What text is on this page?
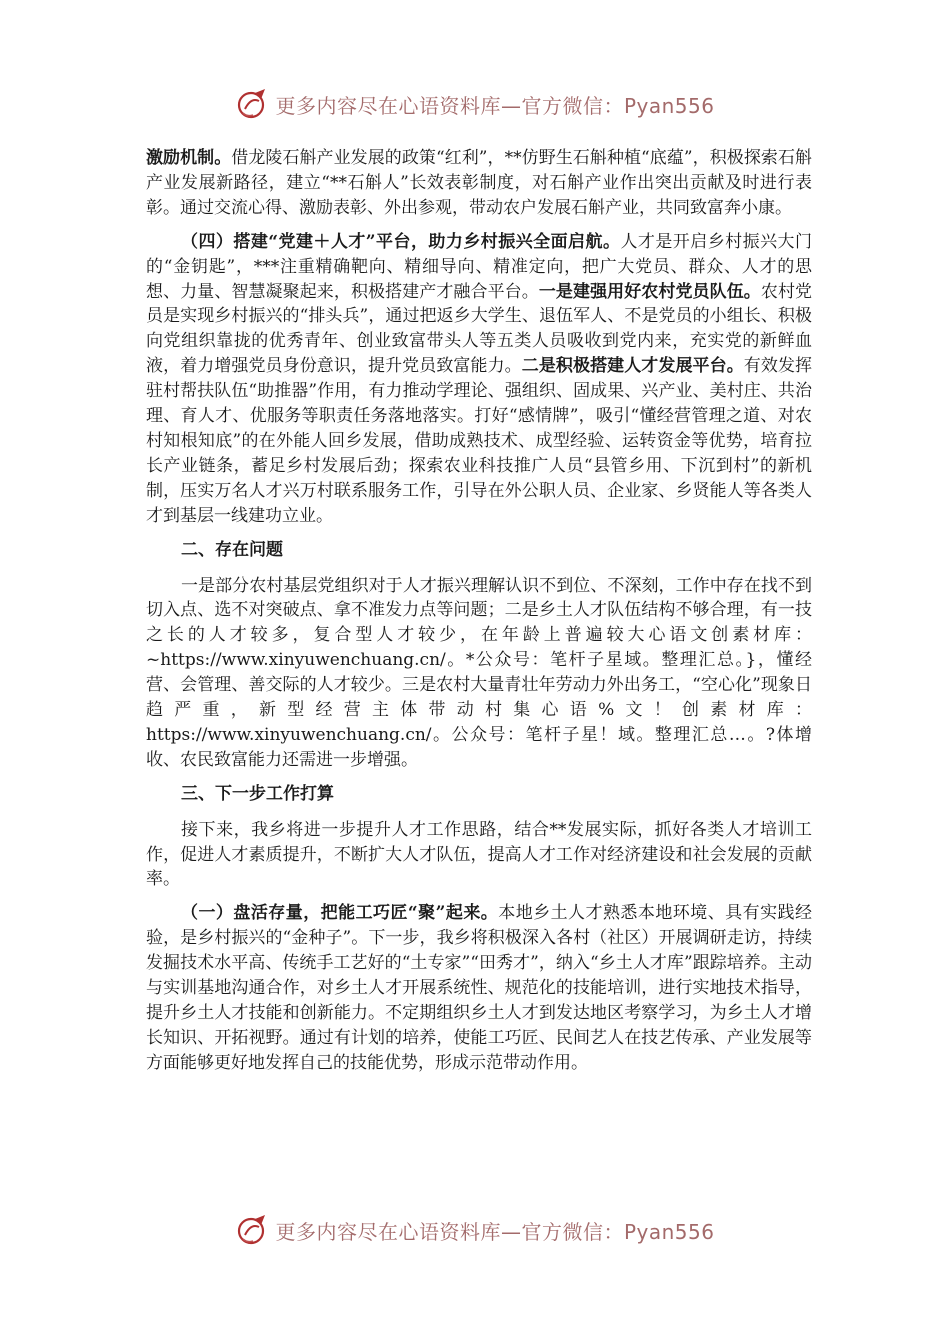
更多内容尽在心语资料库—官方微信：Pyan556

激励机制。借龙陵石斛产业发展的政策“红利”，**仿野生石斛种植“底蕴”，积极探索石斛产业发展新路径，建立“**石斛人”长效表彰制度，对石斛产业作出突出贡献及时进行表彰。通过交流心得、激励表彰、外出参观，带动农户发展石斛产业，共同致富奔小康。

（四）搭建“党建＋人才”平台，助力乡村振兴全面启航。人才是开启乡村振兴大门的“金钥匙”，***注重精确靶向、精细导向、精准定向，把广大党员、群众、人才的思想、力量、智慧凝聚起来，积极搭建产才融合平台。一是建强用好农村党员队伍。农村党员是实现乡村振兴的“排头兵”，通过把返乡大学生、退伍军人、不是党员的小组长、积极向党组织靠拢的优秀青年、创业致富带头人等五类人员吸收到党内来，充实党的新鲜血液，着力增强党员身份意识，提升党员致富能力。二是积极搭建人才发展平台。有效发挥驻村帮扶队伍“助推器”作用，有力推动学理论、强组织、固成果、兴产业、美村庄、共治理、育人才、优服务等职责任务落地落实。打好“感情牌”，吸引“懂经营管理之道、对农村知根知底”的在外能人回乡发展，借助成熟技术、成型经验、运转资金等优势，培育拉长产业链条，蓄足乡村发展后劲；探索农业科技推广人员“县管乡用、下沉到村”的新机制，压实万名人才兴万村联系服务工作，引导在外公职人员、企业家、乡贤能人等各类人才到基层一线建功立业。

二、存在问题

一是部分农村基层党组织对于人才振兴理解认识不到位、不深刻，工作中存在找不到切入点、选不对突破点、拿不准发力点等问题；二是乡土人才队伍结构不够合理，有一技之长的人才较多，复合型人才较少，在年龄上普遍较大心语文创素材库：~https://www.xinyuwenchuang.cn/。*公众号：笔杆子星域。整理汇总。}，懂经营、会管理、善交际的人才较少。三是农村大量青壮年劳动力外出务工，“空心化”现象日趋严重，新型经营主体带动村集心语%文！创素材库：https://www.xinyuwenchuang.cn/。公众号：笔杆子星！域。整理汇总…。?体增收、农民致富能力还需进一步增强。

三、下一步工作打算

接下来，我乡将进一步提升人才工作思路，结合**发展实际，抓好各类人才培训工作，促进人才素质提升，不断扩大人才队伍，提高人才工作对经济建设和社会发展的贡献率。

（一）盘活存量，把能工巧匠“聚”起来。本地乡土人才熟悉本地环境、具有实践经验，是乡村振兴的“金种子”。下一步，我乡将积极深入各村（社区）开展调研走访，持续发掘技术水平高、传统手工艺好的“土专家”“田秀才”，纳入“乡土人才库”跟踪培养。主动与实训基地沟通合作，对乡土人才开展系统性、规范化的技能培训，进行实地技术指导，提升乡土人才技能和创新能力。不定期组织乡土人才到发达地区考察学习，为乡土人才增长知识、开拓视野。通过有计划的培养，使能工巧匠、民间艺人在技艺传承、产业发展等方面能够更好地发挥自己的技能优势，形成示范带动作用。

更多内容尽在心语资料库—官方微信：Pyan556
